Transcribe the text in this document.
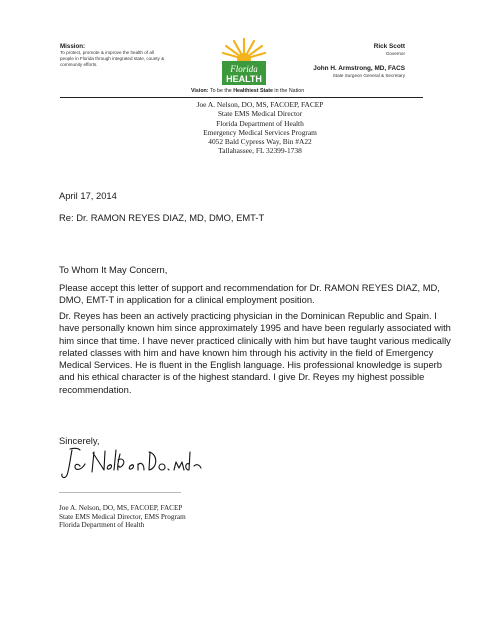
Mission:
To protect, promote & improve the health of all people in Florida through integrated state, county & community efforts.	Florida
HEALTH
Rick Scott
Governor
John H. Armstrong, MD, FACS
State Surgeon General & Secretary
Vision: To be the Healthiest State in the Nation
Joe A. Nelson, DO, MS, FACOEP, FACEP
State EMS Medical Director
Florida Department of Health
Emergency Medical Services Program
4052 Bald Cypress Way, Bin #A22
Tallahassee, FL 32399-1738
April 17, 2014
Re: Dr. RAMON REYES DIAZ, MD, DMO, EMT-T
To Whom It May Concern,
Please accept this letter of support and recommendation for Dr. RAMON REYES DIAZ, MD, DMO, EMT-T in application for a clinical employment position.
Dr. Reyes has been an actively practicing physician in the Dominican Republic and Spain. I have personally known him since approximately 1995 and have been regularly associated with him since that time. I have never practiced clinically with him but have taught various medically related classes with him and have known him through his activity in the field of Emergency Medical Services. He is fluent in the English language. His professional knowledge is superb and his ethical character is of the highest standard. I give Dr. Reyes my highest possible recommendation.
Sincerely,
Joe A. Nelson, DO, MS, FACOEP, FACEP
State EMS Medical Director, EMS Program
Florida Department of Health
